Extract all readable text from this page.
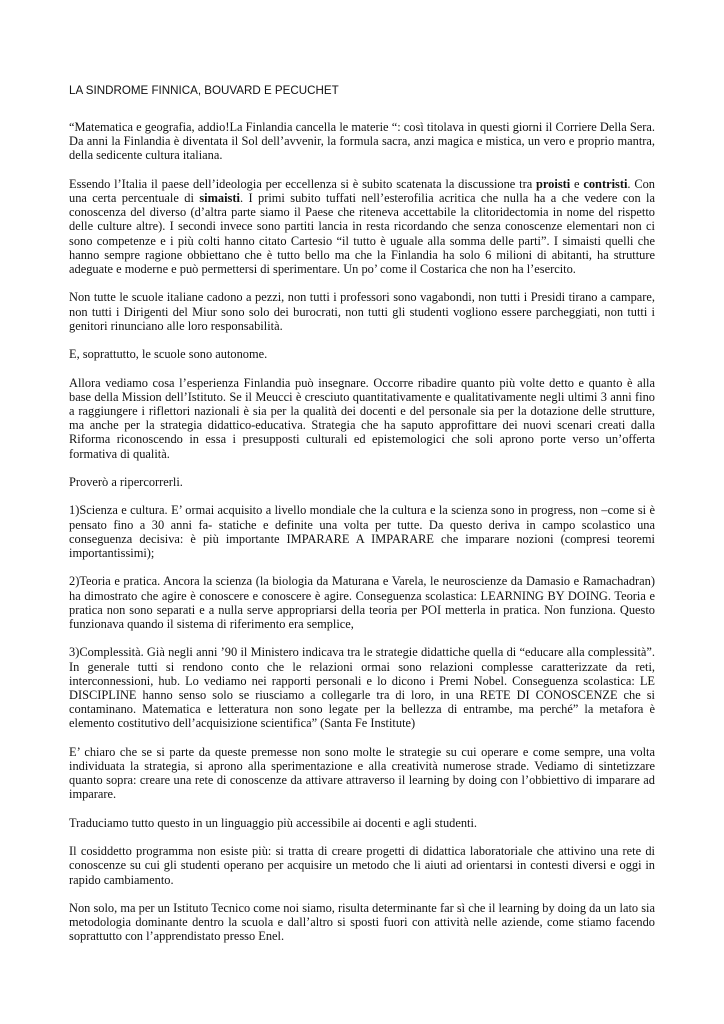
LA SINDROME FINNICA, BOUVARD E PECUCHET

“Matematica e geografia, addio!La Finlandia cancella le materie “: così titolava in questi giorni il Corriere Della Sera. Da anni la Finlandia è diventata il Sol dell’avvenir, la formula sacra, anzi magica e mistica, un vero e proprio mantra, della sedicente cultura italiana.

Essendo l’Italia il paese dell’ideologia per eccellenza si è subito scatenata la discussione tra proisti e contristi. Con una certa percentuale di simaisti. I primi subito tuffati nell’esterofilia acritica che nulla ha a che vedere con la conoscenza del diverso (d’altra parte siamo il Paese che riteneva accettabile la clitoridectomia in nome del rispetto delle culture altre). I secondi invece sono partiti lancia in resta ricordando che senza conoscenze elementari non ci sono competenze e i più colti hanno citato Cartesio “il tutto è uguale alla somma delle parti”. I simaisti quelli che hanno sempre ragione obbiettano che è tutto bello ma che la Finlandia ha solo 6 milioni di abitanti, ha strutture adeguate e moderne e può permettersi di sperimentare. Un po’ come il Costarica che non ha l’esercito.

Non tutte le scuole italiane cadono a pezzi, non tutti i professori sono vagabondi, non tutti i Presidi tirano a campare, non tutti i Dirigenti del Miur sono solo dei burocrati, non tutti gli studenti vogliono essere parcheggiati, non tutti i genitori rinunciano alle loro responsabilità.

E, soprattutto, le scuole sono autonome.

Allora vediamo cosa l’esperienza Finlandia può insegnare. Occorre ribadire quanto più volte detto e quanto è alla base della Mission dell’Istituto. Se il Meucci è cresciuto quantitativamente e qualitativamente negli ultimi 3 anni fino a raggiungere i riflettori nazionali è sia per la qualità dei docenti e del personale sia per la dotazione delle strutture, ma anche per la strategia didattico-educativa. Strategia che ha saputo approfittare dei nuovi scenari creati dalla Riforma riconoscendo in essa i presupposti culturali ed epistemologici che soli aprono porte verso un’offerta formativa di qualità.

Proverò a ripercorrerli.

1)Scienza e cultura. E’ ormai acquisito a livello mondiale che la cultura e la scienza sono in progress, non –come si è pensato fino a 30 anni fa- statiche e definite una volta per tutte. Da questo deriva in campo scolastico una conseguenza decisiva: è più importante IMPARARE A IMPARARE che imparare nozioni (compresi teoremi importantissimi);

2)Teoria e pratica. Ancora la scienza (la biologia da Maturana e Varela, le neuroscienze da Damasio e Ramachadran) ha dimostrato che agire è conoscere e conoscere è agire. Conseguenza scolastica: LEARNING BY DOING. Teoria e pratica non sono separati e a nulla serve appropriarsi della teoria per POI metterla in pratica. Non funziona. Questo funzionava quando il sistema di riferimento era semplice,

3)Complessità. Già negli anni ’90 il Ministero indicava tra le strategie didattiche quella di “educare alla complessità”. In generale tutti si rendono conto che le relazioni ormai sono relazioni complesse caratterizzate da reti, interconnessioni, hub. Lo vediamo nei rapporti personali e lo dicono i Premi Nobel. Conseguenza scolastica: LE DISCIPLINE hanno senso solo se riusciamo a collegarle tra di loro, in una RETE DI CONOSCENZE che si contaminano. Matematica e letteratura non sono legate per la bellezza di entrambe, ma perché” la metafora è elemento costitutivo dell’acquisizione scientifica” (Santa Fe Institute)

E’ chiaro che se si parte da queste premesse non sono molte le strategie su cui operare e come sempre, una volta individuata la strategia, si aprono alla sperimentazione e alla creatività numerose strade. Vediamo di sintetizzare quanto sopra: creare una rete di conoscenze da attivare attraverso il learning by doing con l’obbiettivo di imparare ad imparare.

Traduciamo tutto questo in un linguaggio più accessibile ai docenti e agli studenti.

Il cosiddetto programma non esiste più: si tratta di creare progetti di didattica laboratoriale che attivino una rete di conoscenze su cui gli studenti operano per acquisire un metodo che li aiuti ad orientarsi in contesti diversi e oggi in rapido cambiamento.

Non solo, ma per un Istituto Tecnico come noi siamo, risulta determinante far sì che il learning by doing da un lato sia metodologia dominante dentro la scuola e dall’altro si sposti fuori con attività nelle aziende, come stiamo facendo soprattutto con l’apprendistato presso Enel.
